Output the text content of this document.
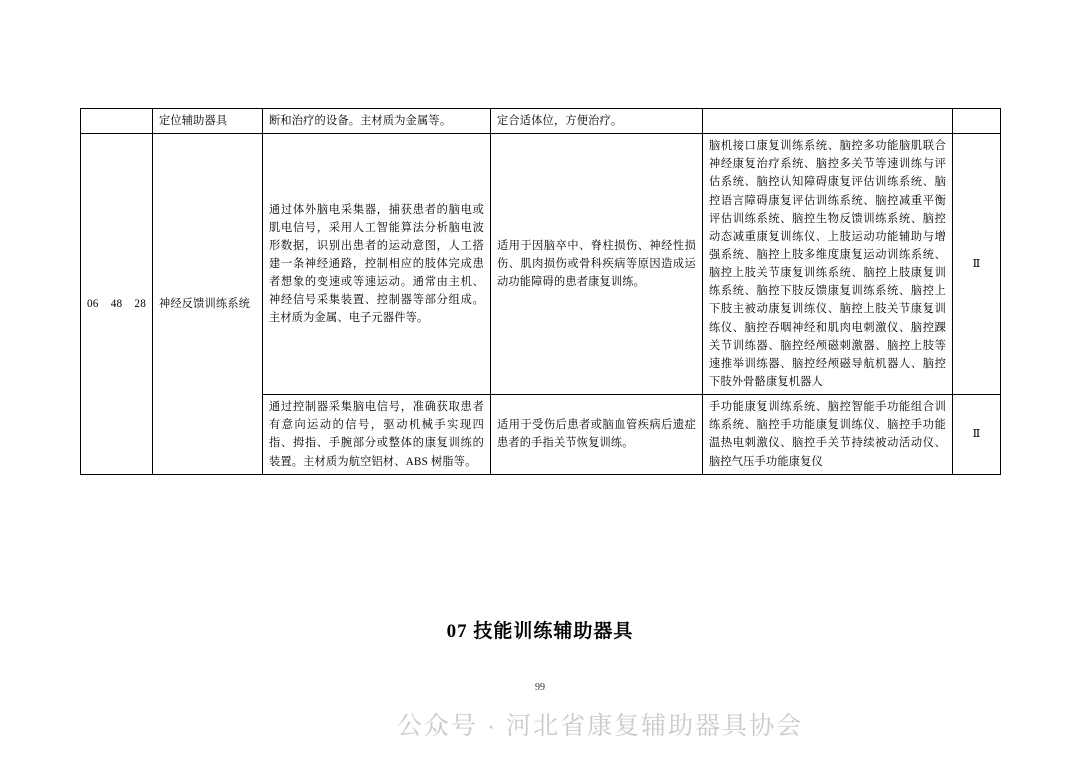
	定位辅助器具	断和治疗的设备。主材质为金属等。	定合适体位，方便治疗。		
06 48 28	神经反馈训练系统	通过体外脑电采集器，捕获患者的脑电或肌电信号，采用人工智能算法分析脑电波形数据，识别出患者的运动意图，人工搭建一条神经通路，控制相应的肢体完成患者想象的变速或等速运动。通常由主机、神经信号采集装置、控制器等部分组成。主材质为金属、电子元器件等。	适用于因脑卒中、脊柱损伤、神经性损伤、肌肉损伤或骨科疾病等原因造成运动功能障碍的患者康复训练。	脑机接口康复训练系统、脑控多功能脑肌联合神经康复治疗系统、脑控多关节等速训练与评估系统、脑控认知障碍康复评估训练系统、脑控语言障碍康复评估训练系统、脑控减重平衡评估训练系统、脑控生物反馈训练系统、脑控动态减重康复训练仪、上肢运动功能辅助与增强系统、脑控上肢多维度康复运动训练系统、脑控上肢关节康复训练系统、脑控上肢康复训练系统、脑控下肢反馈康复训练系统、脑控上下肢主被动康复训练仪、脑控上肢关节康复训练仪、脑控吞咽神经和肌肉电刺激仪、脑控踝关节训练器、脑控经颅磁刺激器、脑控上肢等速推举训练器、脑控经颅磁导航机器人、脑控下肢外骨骼康复机器人	Ⅱ
		通过控制器采集脑电信号，准确获取患者有意向运动的信号，驱动机械手实现四指、拇指、手腕部分或整体的康复训练的装置。主材质为航空铝材、ABS 树脂等。	适用于受伤后患者或脑血管疾病后遗症患者的手指关节恢复训练。	手功能康复训练系统、脑控智能手功能组合训练系统、脑控手功能康复训练仪、脑控手功能温热电刺激仪、脑控手关节持续被动活动仪、脑控气压手功能康复仪	Ⅱ
07 技能训练辅助器具
99
公众号 · 河北省康复辅助器具协会
